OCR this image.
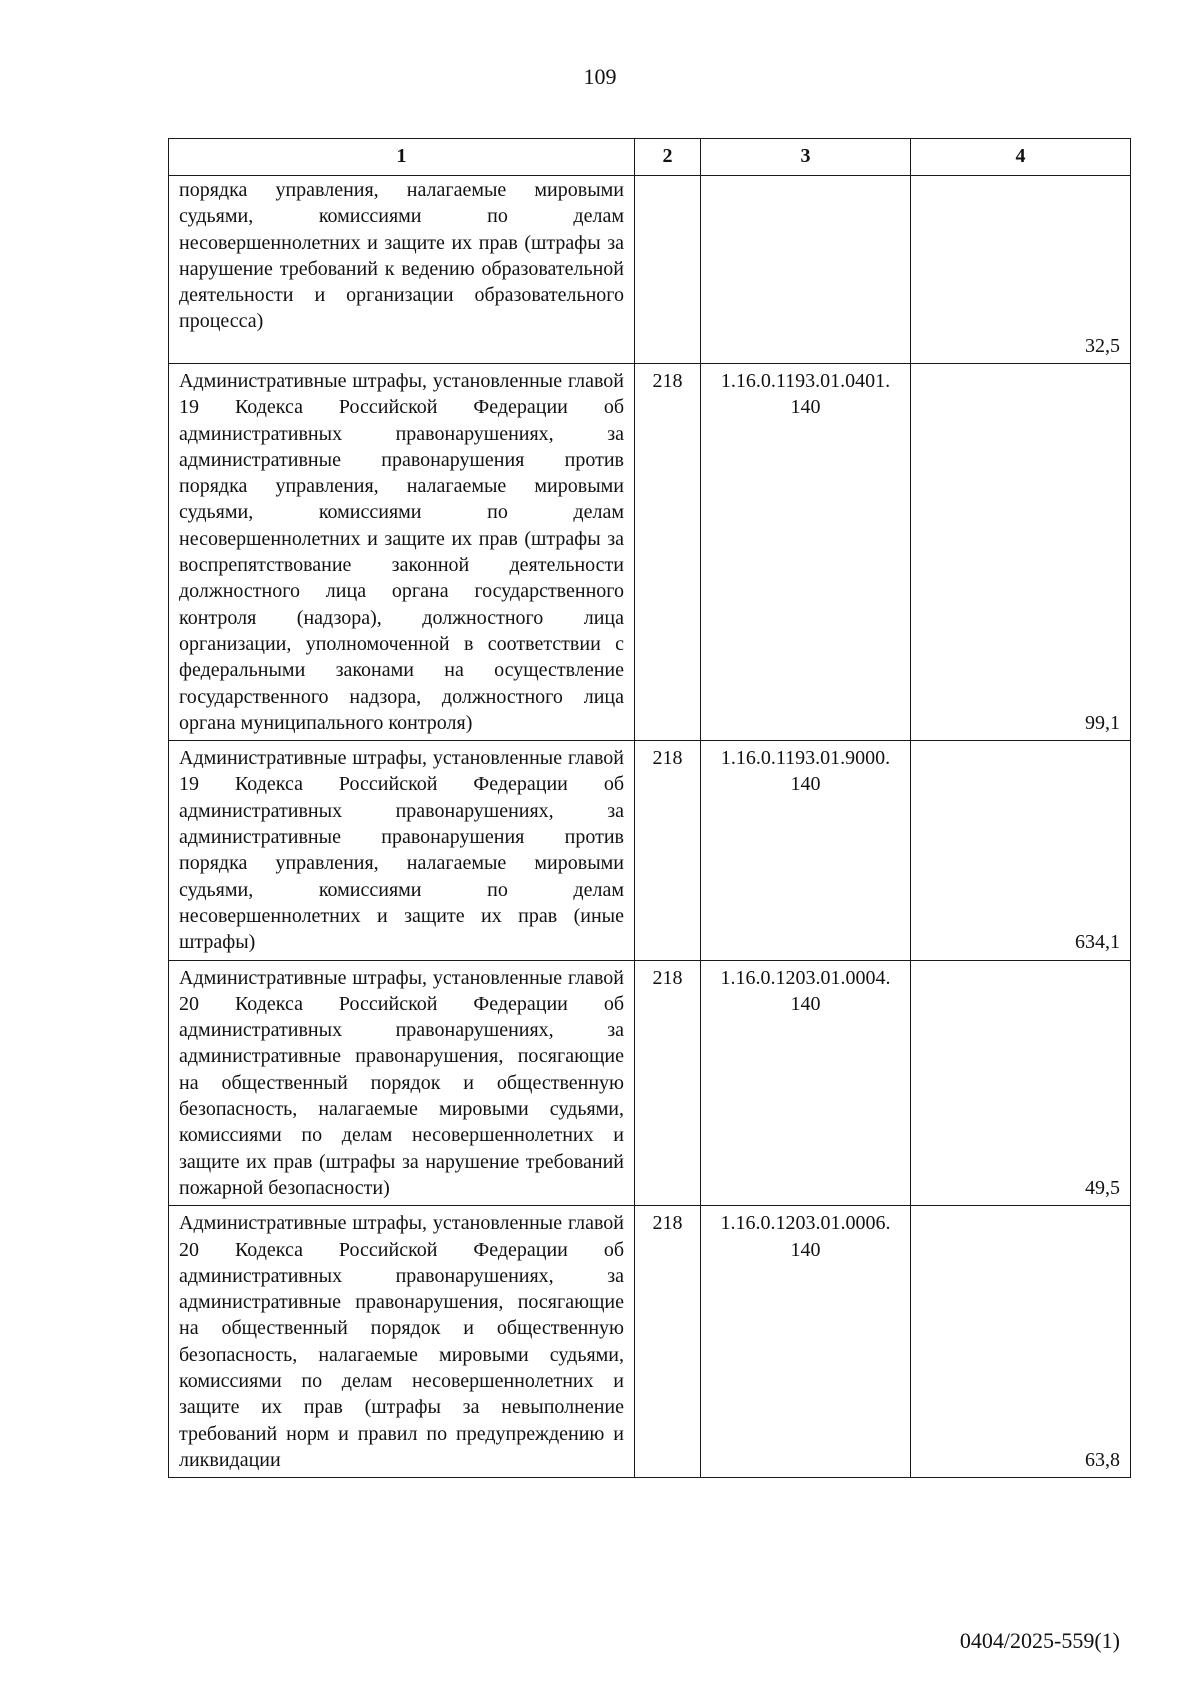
109
1	2	3	4
порядка управления, налагаемые мировыми судьями, комиссиями по делам несовершеннолетних и защите их прав (штрафы за нарушение требований к ведению образовательной деятельности и организации образовательного процесса)			32,5
Административные штрафы, установленные главой 19 Кодекса Российской Федерации об административных правонарушениях, за административные правонарушения против порядка управления, налагаемые мировыми судьями, комиссиями по делам несовершеннолетних и защите их прав (штрафы за воспрепятствование законной деятельности должностного лица органа государственного контроля (надзора), должностного лица организации, уполномоченной в соответствии с федеральными законами на осуществление государственного надзора, должностного лица органа муниципального контроля)	218	1.16.0.1193.01.0401. 140	99,1
Административные штрафы, установленные главой 19 Кодекса Российской Федерации об административных правонарушениях, за административные правонарушения против порядка управления, налагаемые мировыми судьями, комиссиями по делам несовершеннолетних и защите их прав (иные штрафы)	218	1.16.0.1193.01.9000. 140	634,1
Административные штрафы, установленные главой 20 Кодекса Российской Федерации об административных правонарушениях, за административные правонарушения, посягающие на общественный порядок и общественную безопасность, налагаемые мировыми судьями, комиссиями по делам несовершеннолетних и защите их прав (штрафы за нарушение требований пожарной безопасности)	218	1.16.0.1203.01.0004. 140	49,5
Административные штрафы, установленные главой 20 Кодекса Российской Федерации об административных правонарушениях, за административные правонарушения, посягающие на общественный порядок и общественную безопасность, налагаемые мировыми судьями, комиссиями по делам несовершеннолетних и защите их прав (штрафы за невыполнение требований норм и правил по предупреждению и ликвидации	218	1.16.0.1203.01.0006. 140	63,8
0404/2025-559(1)
